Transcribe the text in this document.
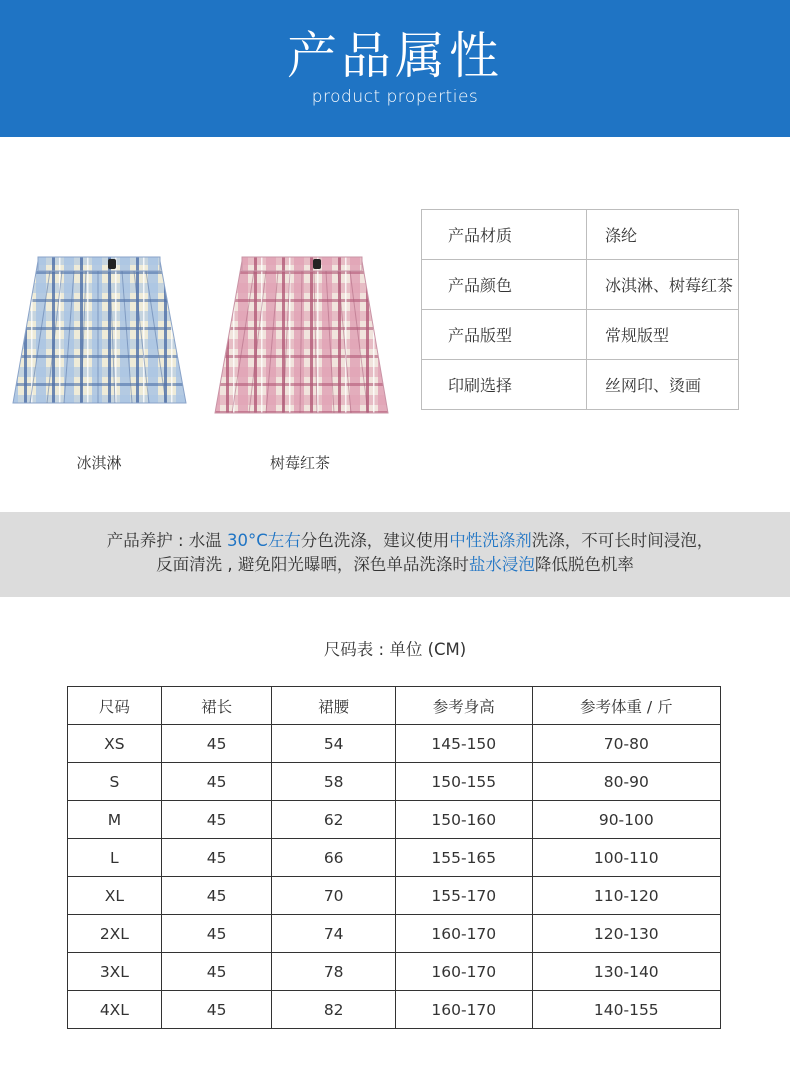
产品属性
product properties
冰淇淋	树莓红茶
产品材质	涤纶
产品颜色	冰淇淋、树莓红茶
产品版型	常规版型
印刷选择	丝网印、烫画
产品养护 : 水温 30°C左右分色洗涤，建议使用中性洗涤剂洗涤，不可长时间浸泡，
反面清洗 , 避免阳光曝晒，深色单品洗涤时盐水浸泡降低脱色机率
尺码表 : 单位 (CM)
尺码	裙长	裙腰	参考身高	参考体重 / 斤
XS	45	54	145-150	70-80
S	45	58	150-155	80-90
M	45	62	150-160	90-100
L	45	66	155-165	100-110
XL	45	70	155-170	110-120
2XL	45	74	160-170	120-130
3XL	45	78	160-170	130-140
4XL	45	82	160-170	140-155
